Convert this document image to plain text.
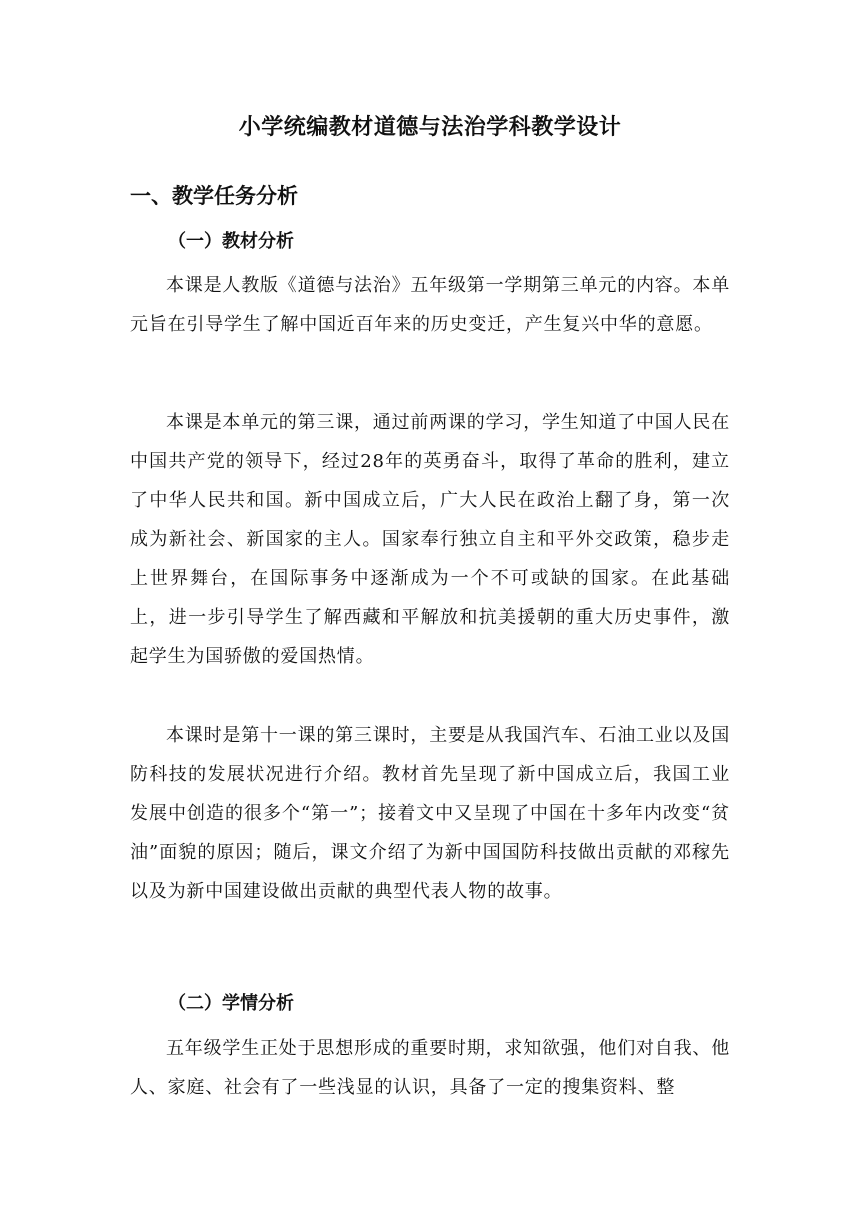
小学统编教材道德与法治学科教学设计
一、教学任务分析
（一）教材分析

本课是人教版《道德与法治》五年级第一学期第三单元的内容。本单元旨在引导学生了解中国近百年来的历史变迁，产生复兴中华的意愿。

本课是本单元的第三课，通过前两课的学习，学生知道了中国人民在中国共产党的领导下，经过28年的英勇奋斗，取得了革命的胜利，建立了中华人民共和国。新中国成立后，广大人民在政治上翻了身，第一次成为新社会、新国家的主人。国家奉行独立自主和平外交政策，稳步走上世界舞台，在国际事务中逐渐成为一个不可或缺的国家。在此基础上，进一步引导学生了解西藏和平解放和抗美援朝的重大历史事件，激起学生为国骄傲的爱国热情。

本课时是第十一课的第三课时，主要是从我国汽车、石油工业以及国防科技的发展状况进行介绍。教材首先呈现了新中国成立后，我国工业发展中创造的很多个“第一”；接着文中又呈现了中国在十多年内改变“贫油”面貌的原因；随后，课文介绍了为新中国国防科技做出贡献的邓稼先以及为新中国建设做出贡献的典型代表人物的故事。

（二）学情分析

五年级学生正处于思想形成的重要时期，求知欲强，他们对自我、他人、家庭、社会有了一些浅显的认识，具备了一定的搜集资料、整
